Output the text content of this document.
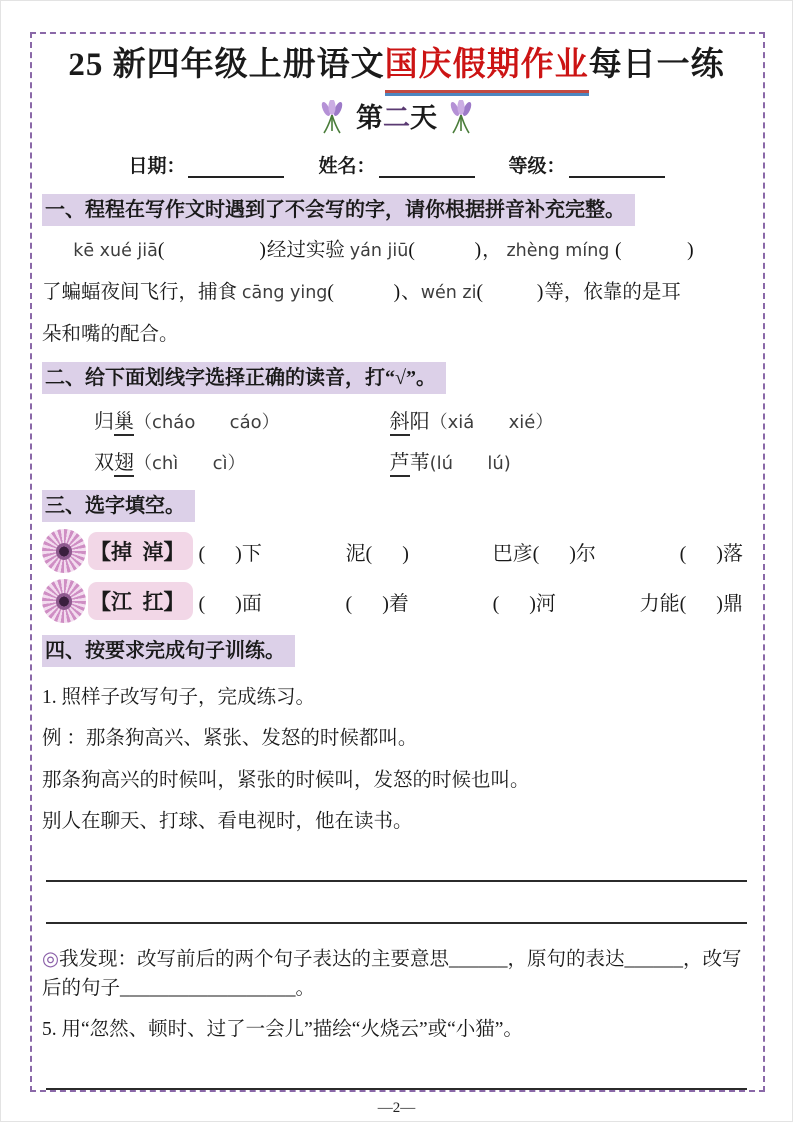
25 新四年级上册语文国庆假期作业每日一练
第二天
日期：	姓名：	等级：
一、程程在写作文时遇到了不会写的字，请你根据拼音补充完整。

kē xué jiā(                )经过实验 yán jiū(          )， zhèng míng (           )

了蝙蝠夜间飞行，捕食 cāng ying(          )、wén zi(         )等，依靠的是耳

朵和嘴的配合。

二、给下面划线字选择正确的读音，打“√”。
归巢（cháo      cáo）	斜阳（xiá      xié）
双翅（chì      cì）	芦苇(lú      lú)
三、选字填空。
【掉  淖】 (      )下	泥(      )	巴彦(      )尔	(      )落
【江  扛】 (      )面	(      )着	(      )河	力能(      )鼎
四、按要求完成句子训练。

1. 照样子改写句子，完成练习。

例 ：那条狗高兴、紧张、发怒的时候都叫。

那条狗高兴的时候叫，紧张的时候叫，发怒的时候也叫。

别人在聊天、打球、看电视时，他在读书。

◎我发现：改写前后的两个句子表达的主要意思______，原句的表达______，改写后的句子__________________。

5. 用“忽然、顿时、过了一会儿”描绘“火烧云”或“小猫”。

—2—
